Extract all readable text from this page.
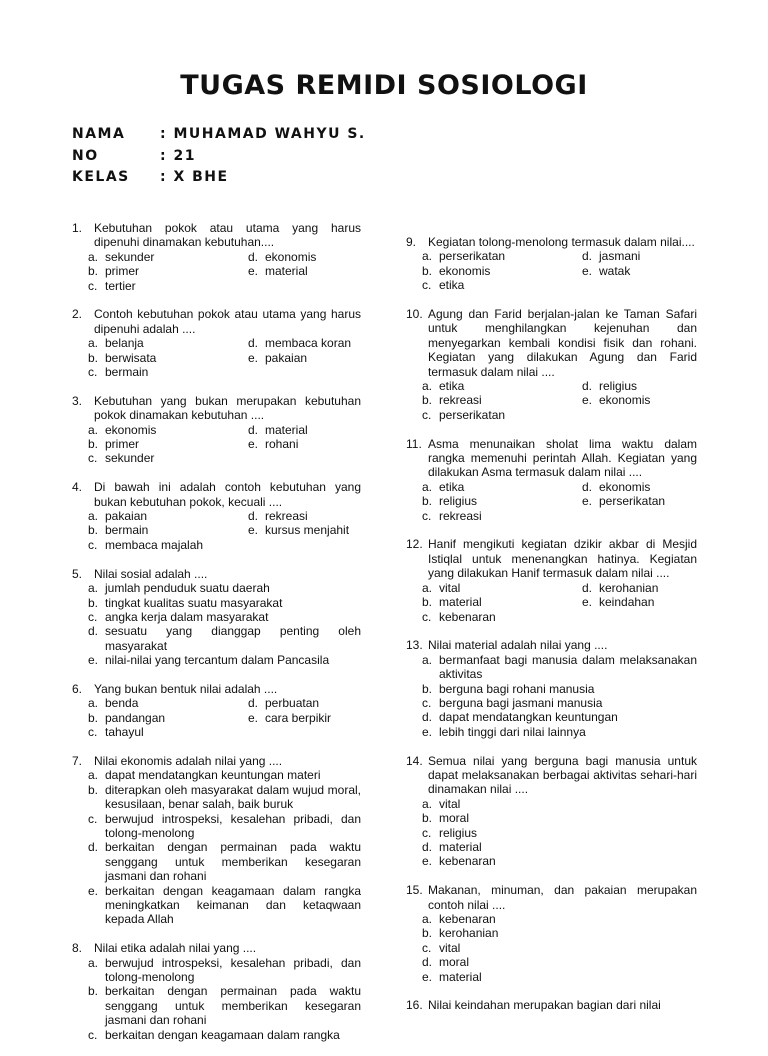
TUGAS REMIDI SOSIOLOGI
NAMA	: MUHAMAD WAHYU S.
NO	: 21
KELAS	: X BHE
1. Kebutuhan pokok atau utama yang harus dipenuhi dinamakan kebutuhan....
a. sekunder	d. ekonomis
b. primer	e. material
c. tertier
2. Contoh kebutuhan pokok atau utama yang harus dipenuhi adalah ....
a. belanja	d. membaca koran
b. berwisata	e. pakaian
c. bermain
3. Kebutuhan yang bukan merupakan kebutuhan pokok dinamakan kebutuhan ....
a. ekonomis	d. material
b. primer	e. rohani
c. sekunder
4. Di bawah ini adalah contoh kebutuhan yang bukan kebutuhan pokok, kecuali ....
a. pakaian	d. rekreasi
b. bermain	e. kursus menjahit
c. membaca majalah
5. Nilai sosial adalah ....
a. jumlah penduduk suatu daerah
b. tingkat kualitas suatu masyarakat
c. angka kerja dalam masyarakat
d. sesuatu yang dianggap penting oleh masyarakat
e. nilai-nilai yang tercantum dalam Pancasila
6. Yang bukan bentuk nilai adalah ....
a. benda	d. perbuatan
b. pandangan	e. cara berpikir
c. tahayul
7. Nilai ekonomis adalah nilai yang ....
a. dapat mendatangkan keuntungan materi
b. diterapkan oleh masyarakat dalam wujud moral, kesusilaan, benar salah, baik buruk
c. berwujud introspeksi, kesalehan pribadi, dan tolong-menolong
d. berkaitan dengan permainan pada waktu senggang untuk memberikan kesegaran jasmani dan rohani
e. berkaitan dengan keagamaan dalam rangka meningkatkan keimanan dan ketaqwaan kepada Allah
8. Nilai etika adalah nilai yang ....
a. berwujud introspeksi, kesalehan pribadi, dan tolong-menolong
b. berkaitan dengan permainan pada waktu senggang untuk memberikan kesegaran jasmani dan rohani
c. berkaitan dengan keagamaan dalam rangka
9. Kegiatan tolong-menolong termasuk dalam nilai....
a. perserikatan	d. jasmani
b. ekonomis	e. watak
c. etika
10. Agung dan Farid berjalan-jalan ke Taman Safari untuk menghilangkan kejenuhan dan menyegarkan kembali kondisi fisik dan rohani. Kegiatan yang dilakukan Agung dan Farid termasuk dalam nilai ....
a. etika	d. religius
b. rekreasi	e. ekonomis
c. perserikatan
11. Asma menunaikan sholat lima waktu dalam rangka memenuhi perintah Allah. Kegiatan yang dilakukan Asma termasuk dalam nilai ....
a. etika	d. ekonomis
b. religius	e. perserikatan
c. rekreasi
12. Hanif mengikuti kegiatan dzikir akbar di Mesjid Istiqlal untuk menenangkan hatinya. Kegiatan yang dilakukan Hanif termasuk dalam nilai ....
a. vital	d. kerohanian
b. material	e. keindahan
c. kebenaran
13. Nilai material adalah nilai yang ....
a. bermanfaat bagi manusia dalam melaksanakan aktivitas
b. berguna bagi rohani manusia
c. berguna bagi jasmani manusia
d. dapat mendatangkan keuntungan
e. lebih tinggi dari nilai lainnya
14. Semua nilai yang berguna bagi manusia untuk dapat melaksanakan berbagai aktivitas sehari-hari dinamakan nilai ....
a. vital
b. moral
c. religius
d. material
e. kebenaran
15. Makanan, minuman, dan pakaian merupakan contoh nilai ....
a. kebenaran
b. kerohanian
c. vital
d. moral
e. material
16. Nilai keindahan merupakan bagian dari nilai
